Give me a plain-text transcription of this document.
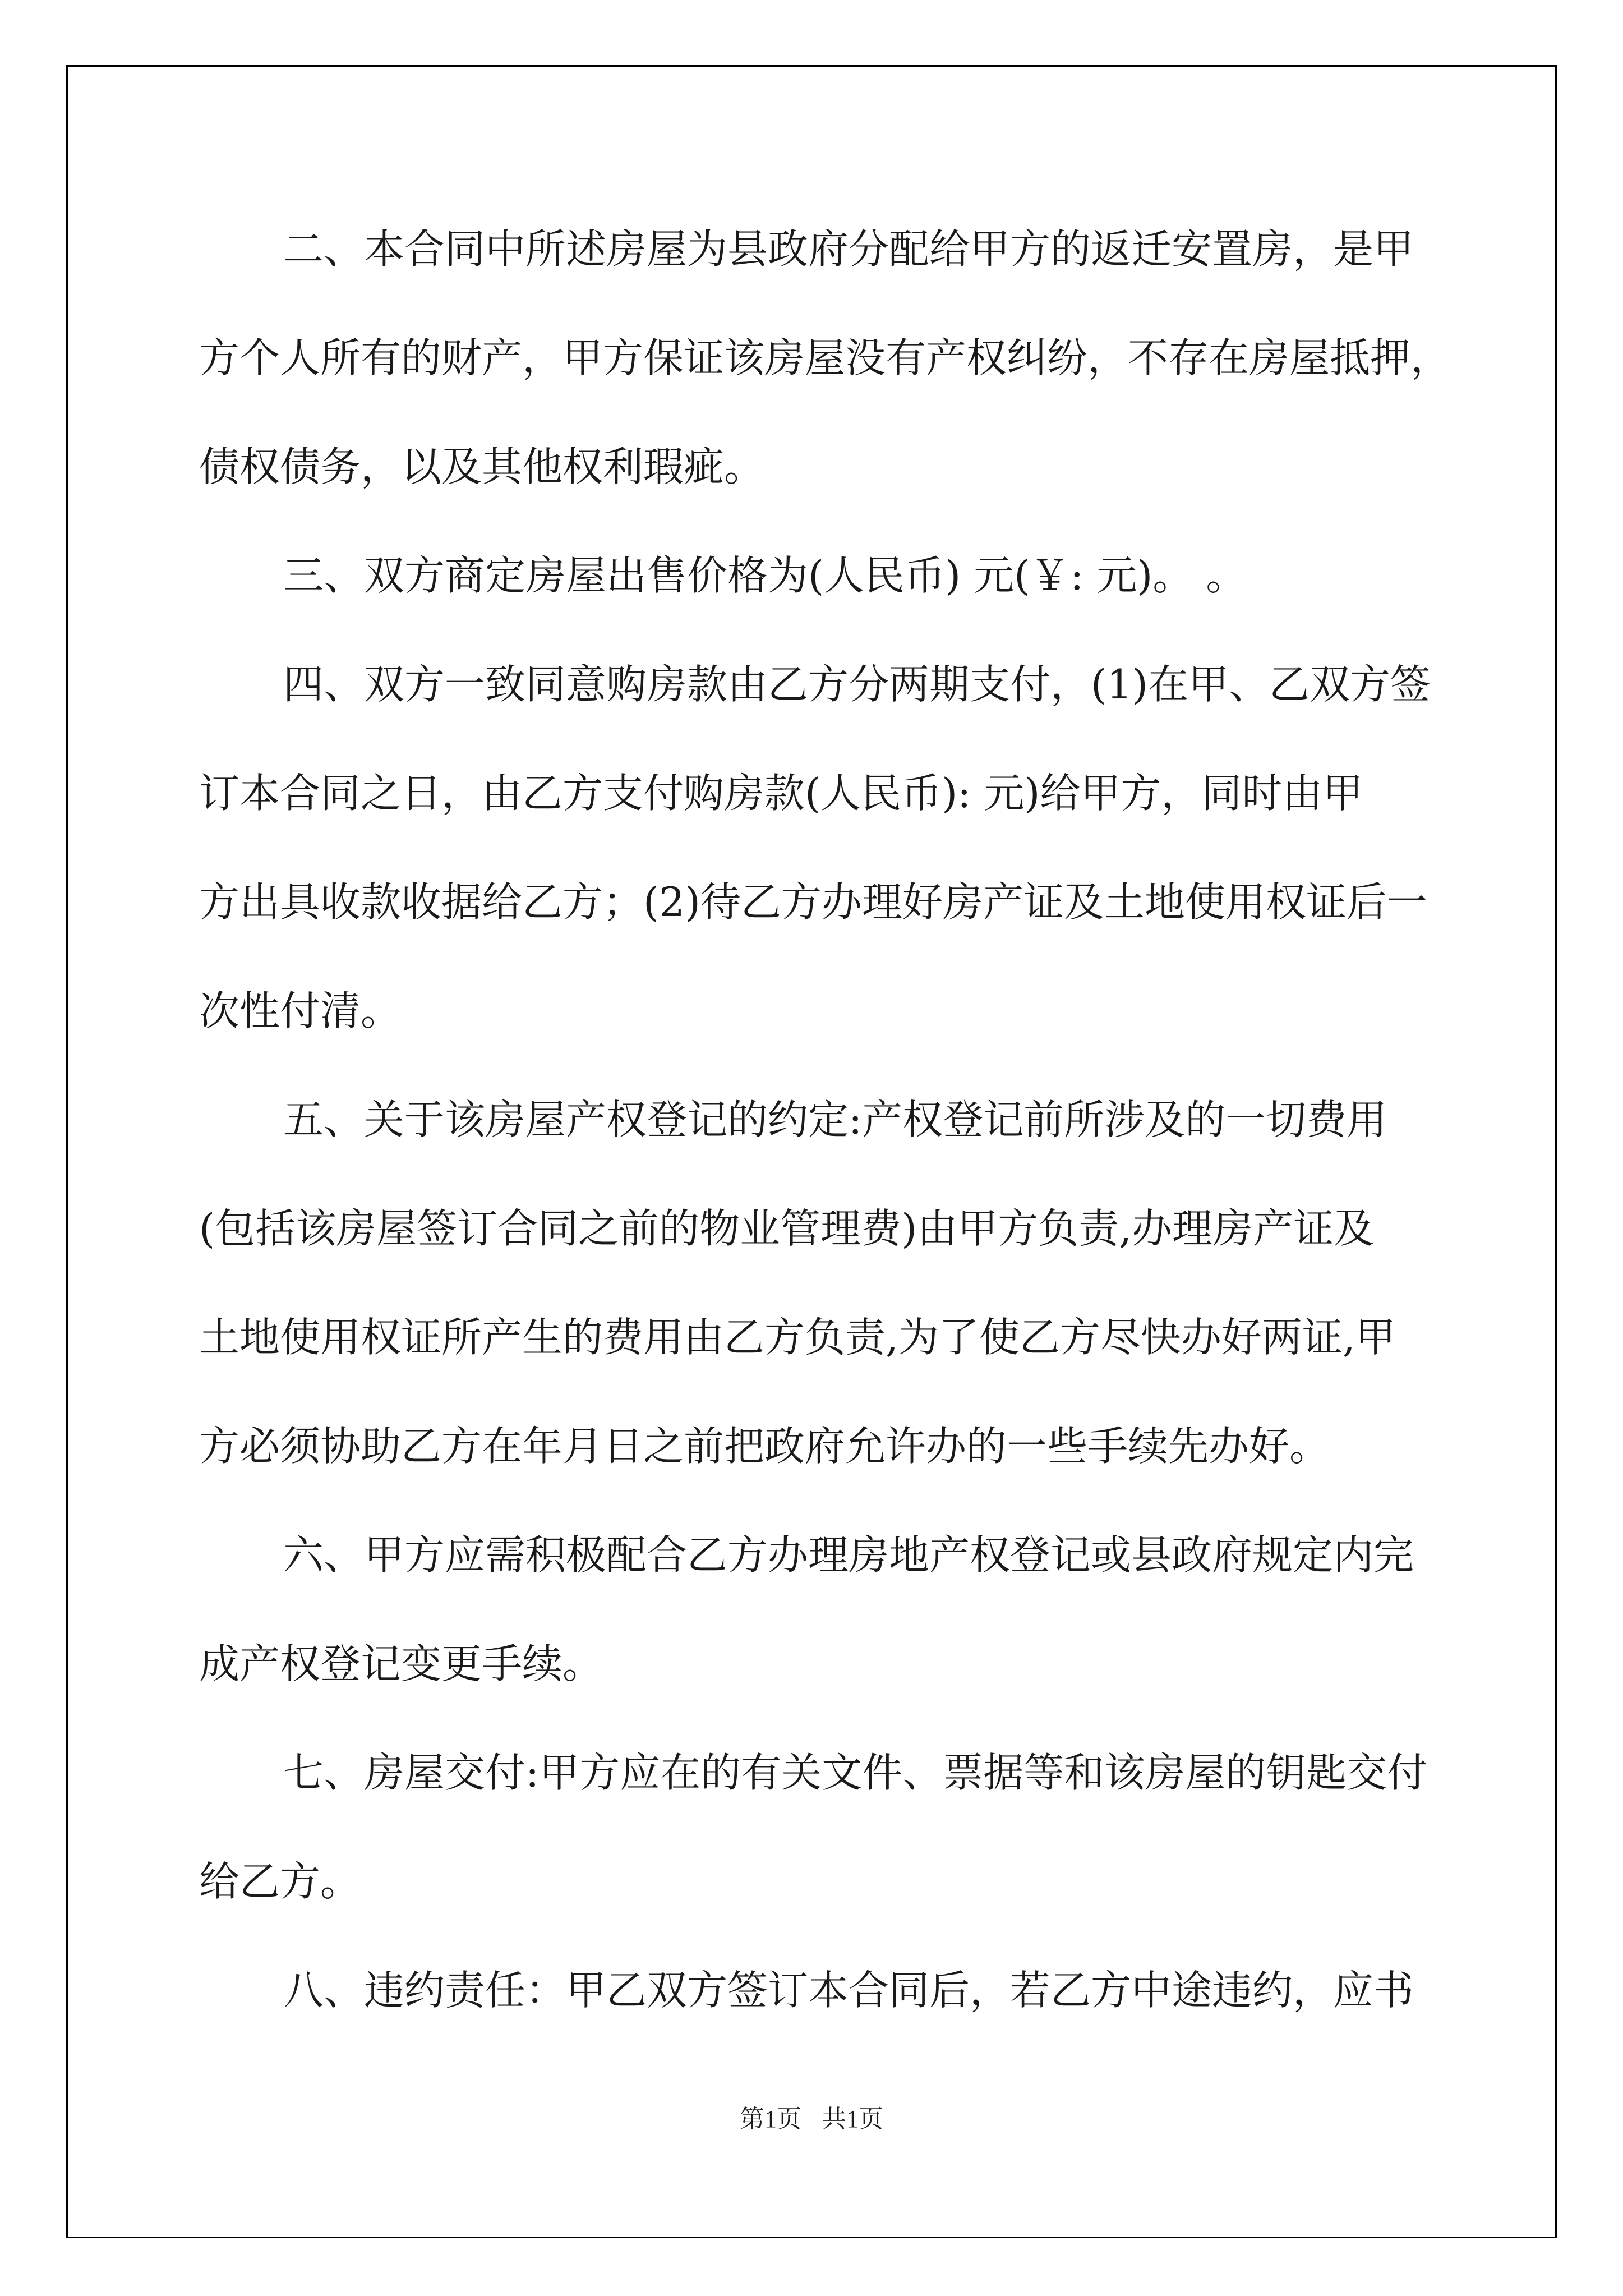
二、本合同中所述房屋为县政府分配给甲方的返迁安置房，是甲
方个人所有的财产，甲方保证该房屋没有产权纠纷，不存在房屋抵押，
债权债务，以及其他权利瑕疵。
三、双方商定房屋出售价格为(人民币) 元(￥: 元)。 。
四、双方一致同意购房款由乙方分两期支付，(1)在甲、乙双方签
订本合同之日，由乙方支付购房款(人民币): 元)给甲方，同时由甲
方出具收款收据给乙方；(2)待乙方办理好房产证及土地使用权证后一
次性付清。
五、关于该房屋产权登记的约定:产权登记前所涉及的一切费用
(包括该房屋签订合同之前的物业管理费)由甲方负责,办理房产证及
土地使用权证所产生的费用由乙方负责,为了使乙方尽快办好两证,甲
方必须协助乙方在年月日之前把政府允许办的一些手续先办好。
六、甲方应需积极配合乙方办理房地产权登记或县政府规定内完
成产权登记变更手续。
七、房屋交付:甲方应在的有关文件、票据等和该房屋的钥匙交付
给乙方。
八、违约责任：甲乙双方签订本合同后，若乙方中途违约，应书
第1页 共1页
